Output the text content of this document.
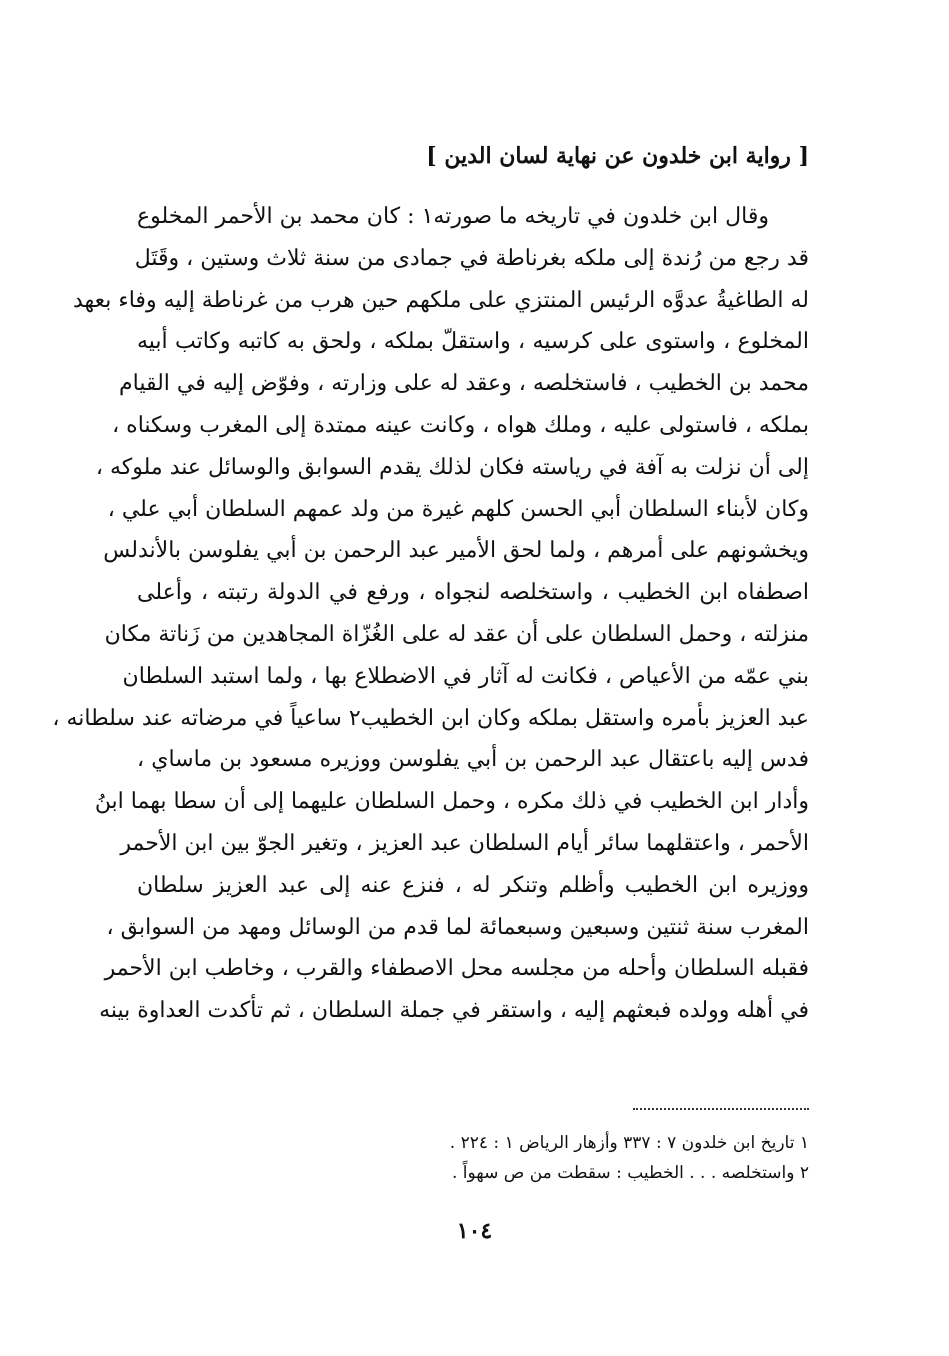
[ رواية ابن خلدون عن نهاية لسان الدين ]
وقال ابن خلدون في تاريخه ما صورته١ : كان محمد بن الأحمر المخلوع
قد رجع من رُندة إلى ملكه بغرناطة في جمادى من سنة ثلاث وستين ، وقَتَل
له الطاغيةُ عدوَّه الرئيس المنتزي على ملكهم حين هرب من غرناطة إليه وفاء بعهد
المخلوع ، واستوى على كرسيه ، واستقلّ بملكه ، ولحق به كاتبه وكاتب أبيه
محمد بن الخطيب ، فاستخلصه ، وعقد له على وزارته ، وفوّض إليه في القيام
بملكه ، فاستولى عليه ، وملك هواه ، وكانت عينه ممتدة إلى المغرب وسكناه ،
إلى أن نزلت به آفة في رياسته فكان لذلك يقدم السوابق والوسائل عند ملوكه ،
وكان لأبناء السلطان أبي الحسن كلهم غيرة من ولد عمهم السلطان أبي علي ،
ويخشونهم على أمرهم ، ولما لحق الأمير عبد الرحمن بن أبي يفلوسن بالأندلس
اصطفاه ابن الخطيب ، واستخلصه لنجواه ، ورفع في الدولة رتبته ، وأعلى
منزلته ، وحمل السلطان على أن عقد له على الغُزّاة المجاهدين من زَناتة مكان
بني عمّه من الأعياص ، فكانت له آثار في الاضطلاع بها ، ولما استبد السلطان
عبد العزيز بأمره واستقل بملكه وكان ابن الخطيب٢ ساعياً في مرضاته عند سلطانه ،
فدس إليه باعتقال عبد الرحمن بن أبي يفلوسن ووزيره مسعود بن ماساي ،
وأدار ابن الخطيب في ذلك مكره ، وحمل السلطان عليهما إلى أن سطا بهما ابنُ
الأحمر ، واعتقلهما سائر أيام السلطان عبد العزيز ، وتغير الجوّ بين ابن الأحمر
ووزيره ابن الخطيب وأظلم وتنكر له ، فنزع عنه إلى عبد العزيز سلطان
المغرب سنة ثنتين وسبعين وسبعمائة لما قدم من الوسائل ومهد من السوابق ،
فقبله السلطان وأحله من مجلسه محل الاصطفاء والقرب ، وخاطب ابن الأحمر
في أهله وولده فبعثهم إليه ، واستقر في جملة السلطان ، ثم تأكدت العداوة بينه
١ تاريخ ابن خلدون ٧ : ٣٣٧ وأزهار الرياض ١ : ٢٢٤ .
٢ واستخلصه . . . الخطيب : سقطت من ص سهواً .
١٠٤
